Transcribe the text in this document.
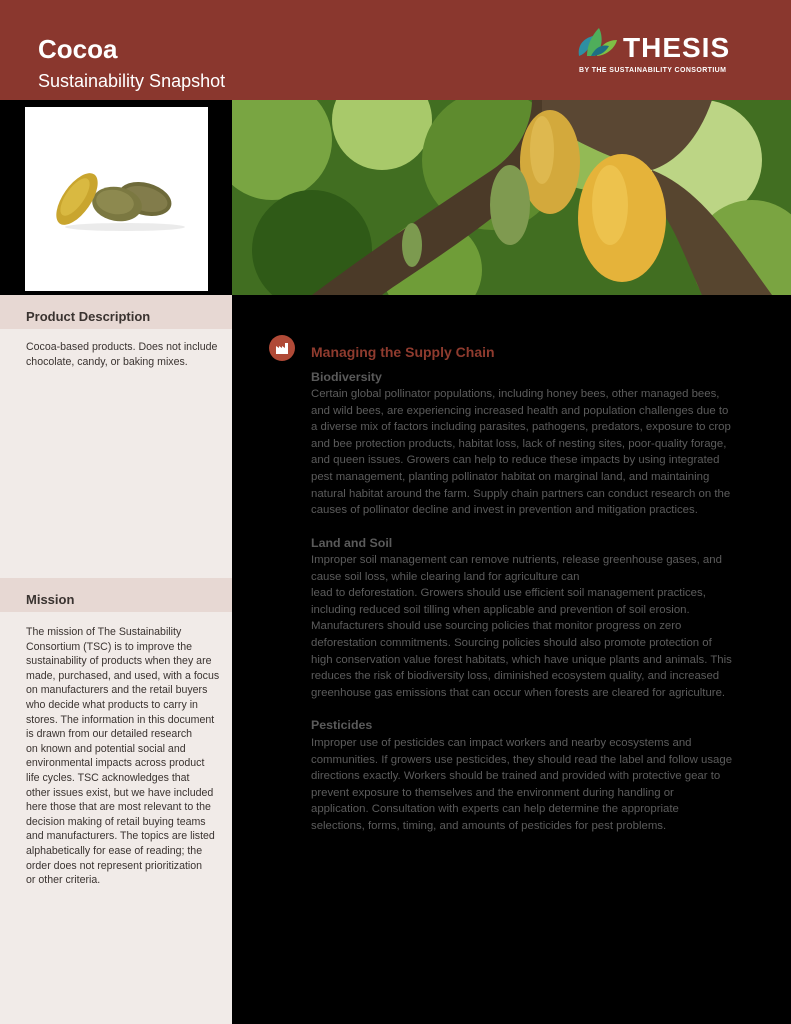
Cocoa
Sustainability Snapshot
THESIS
BY THE SUSTAINABILITY CONSORTIUM
Product Description
Cocoa-based products. Does not include
chocolate, candy, or baking mixes.
Mission
The mission of The Sustainability
Consortium (TSC) is to improve the
sustainability of products when they are
made, purchased, and used, with a focus
on manufacturers and the retail buyers
who decide what products to carry in
stores. The information in this document
is drawn from our detailed research
on known and potential social and
environmental impacts across product
life cycles. TSC acknowledges that
other issues exist, but we have included
here those that are most relevant to the
decision making of retail buying teams
and manufacturers. The topics are listed
alphabetically for ease of reading; the
order does not represent prioritization
or other criteria.
Managing the Supply Chain
Biodiversity
Certain global pollinator populations, including honey bees, other managed bees,
and wild bees, are experiencing increased health and population challenges due to
a diverse mix of factors including parasites, pathogens, predators, exposure to crop
and bee protection products, habitat loss, lack of nesting sites, poor-quality forage,
and queen issues. Growers can help to reduce these impacts by using integrated
pest management, planting pollinator habitat on marginal land, and maintaining
natural habitat around the farm. Supply chain partners can conduct research on the
causes of pollinator decline and invest in prevention and mitigation practices.
Land and Soil
Improper soil management can remove nutrients, release greenhouse gases, and
cause soil loss, while clearing land for agriculture can
lead to deforestation. Growers should use efficient soil management practices,
including reduced soil tilling when applicable and prevention of soil erosion.
Manufacturers should use sourcing policies that monitor progress on zero
deforestation commitments. Sourcing policies should also promote protection of
high conservation value forest habitats, which have unique plants and animals. This
reduces the risk of biodiversity loss, diminished ecosystem quality, and increased
greenhouse gas emissions that can occur when forests are cleared for agriculture.
Pesticides
Improper use of pesticides can impact workers and nearby ecosystems and
communities. If growers use pesticides, they should read the label and follow usage
directions exactly. Workers should be trained and provided with protective gear to
prevent exposure to themselves and the environment during handling or
application. Consultation with experts can help determine the appropriate
selections, forms, timing, and amounts of pesticides for pest problems.
